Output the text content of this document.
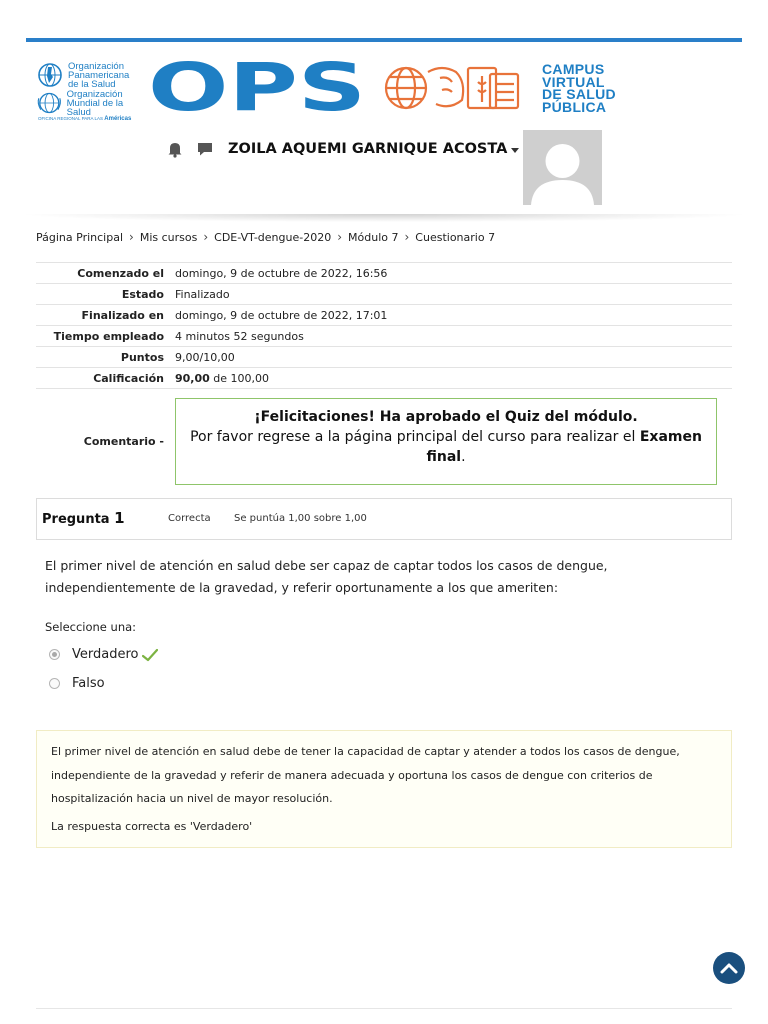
Organización
Panamericana
de la Salud
Organización
Mundial de la Salud
OFICINA REGIONAL PARA LAS Américas OPS	CAMPUS
VIRTUAL
DE SALUD
PÚBLICA
ZOILA AQUEMI GARNIQUE ACOSTA
Página Principal › Mis cursos › CDE-VT-dengue-2020 › Módulo 7 › Cuestionario 7
Comenzado el	domingo, 9 de octubre de 2022, 16:56
Estado	Finalizado
Finalizado en	domingo, 9 de octubre de 2022, 17:01
Tiempo empleado	4 minutos 52 segundos
Puntos	9,00/10,00
Calificación	90,00 de 100,00
Comentario -	¡Felicitaciones! Ha aprobado el Quiz del módulo.
Por favor regrese a la página principal del curso para realizar el Examen final.
Pregunta 1	Correcta Se puntúa 1,00 sobre 1,00
El primer nivel de atención en salud debe ser capaz de captar todos los casos de dengue, independientemente de la gravedad, y referir oportunamente a los que ameriten:
Seleccione una:
Verdadero
Falso

El primer nivel de atención en salud debe de tener la capacidad de captar y atender a todos los casos de dengue, independiente de la gravedad y referir de manera adecuada y oportuna los casos de dengue con criterios de hospitalización hacia un nivel de mayor resolución.

La respuesta correcta es 'Verdadero'
